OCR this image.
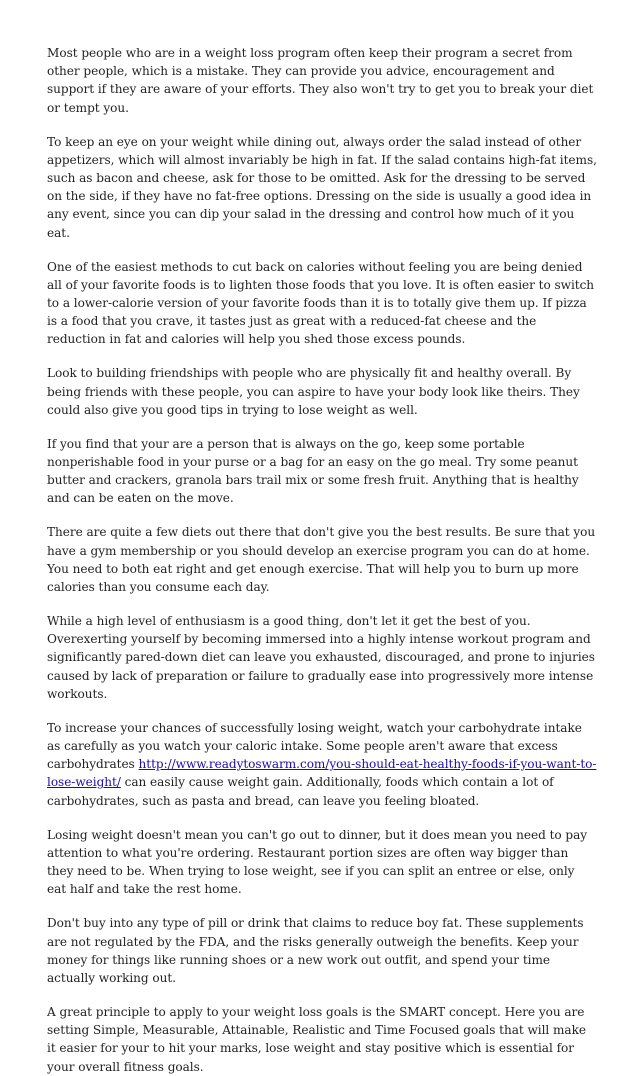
Most people who are in a weight loss program often keep their program a secret from other people, which is a mistake. They can provide you advice, encouragement and support if they are aware of your efforts. They also won't try to get you to break your diet or tempt you.

To keep an eye on your weight while dining out, always order the salad instead of other appetizers, which will almost invariably be high in fat. If the salad contains high-fat items, such as bacon and cheese, ask for those to be omitted. Ask for the dressing to be served on the side, if they have no fat-free options. Dressing on the side is usually a good idea in any event, since you can dip your salad in the dressing and control how much of it you eat.

One of the easiest methods to cut back on calories without feeling you are being denied all of your favorite foods is to lighten those foods that you love. It is often easier to switch to a lower-calorie version of your favorite foods than it is to totally give them up. If pizza is a food that you crave, it tastes just as great with a reduced-fat cheese and the reduction in fat and calories will help you shed those excess pounds.

Look to building friendships with people who are physically fit and healthy overall. By being friends with these people, you can aspire to have your body look like theirs. They could also give you good tips in trying to lose weight as well.

If you find that your are a person that is always on the go, keep some portable nonperishable food in your purse or a bag for an easy on the go meal. Try some peanut butter and crackers, granola bars trail mix or some fresh fruit. Anything that is healthy and can be eaten on the move.

There are quite a few diets out there that don't give you the best results. Be sure that you have a gym membership or you should develop an exercise program you can do at home. You need to both eat right and get enough exercise. That will help you to burn up more calories than you consume each day.

While a high level of enthusiasm is a good thing, don't let it get the best of you. Overexerting yourself by becoming immersed into a highly intense workout program and significantly pared-down diet can leave you exhausted, discouraged, and prone to injuries caused by lack of preparation or failure to gradually ease into progressively more intense workouts.

To increase your chances of successfully losing weight, watch your carbohydrate intake as carefully as you watch your caloric intake. Some people aren't aware that excess carbohydrates http://www.readytoswarm.com/you-should-eat-healthy-foods-if-you-want-to-lose-weight/ can easily cause weight gain. Additionally, foods which contain a lot of carbohydrates, such as pasta and bread, can leave you feeling bloated.

Losing weight doesn't mean you can't go out to dinner, but it does mean you need to pay attention to what you're ordering. Restaurant portion sizes are often way bigger than they need to be. When trying to lose weight, see if you can split an entree or else, only eat half and take the rest home.

Don't buy into any type of pill or drink that claims to reduce boy fat. These supplements are not regulated by the FDA, and the risks generally outweigh the benefits. Keep your money for things like running shoes or a new work out outfit, and spend your time actually working out.

A great principle to apply to your weight loss goals is the SMART concept. Here you are setting Simple, Measurable, Attainable, Realistic and Time Focused goals that will make it easier for your to hit your marks, lose weight and stay positive which is essential for your overall fitness goals.
